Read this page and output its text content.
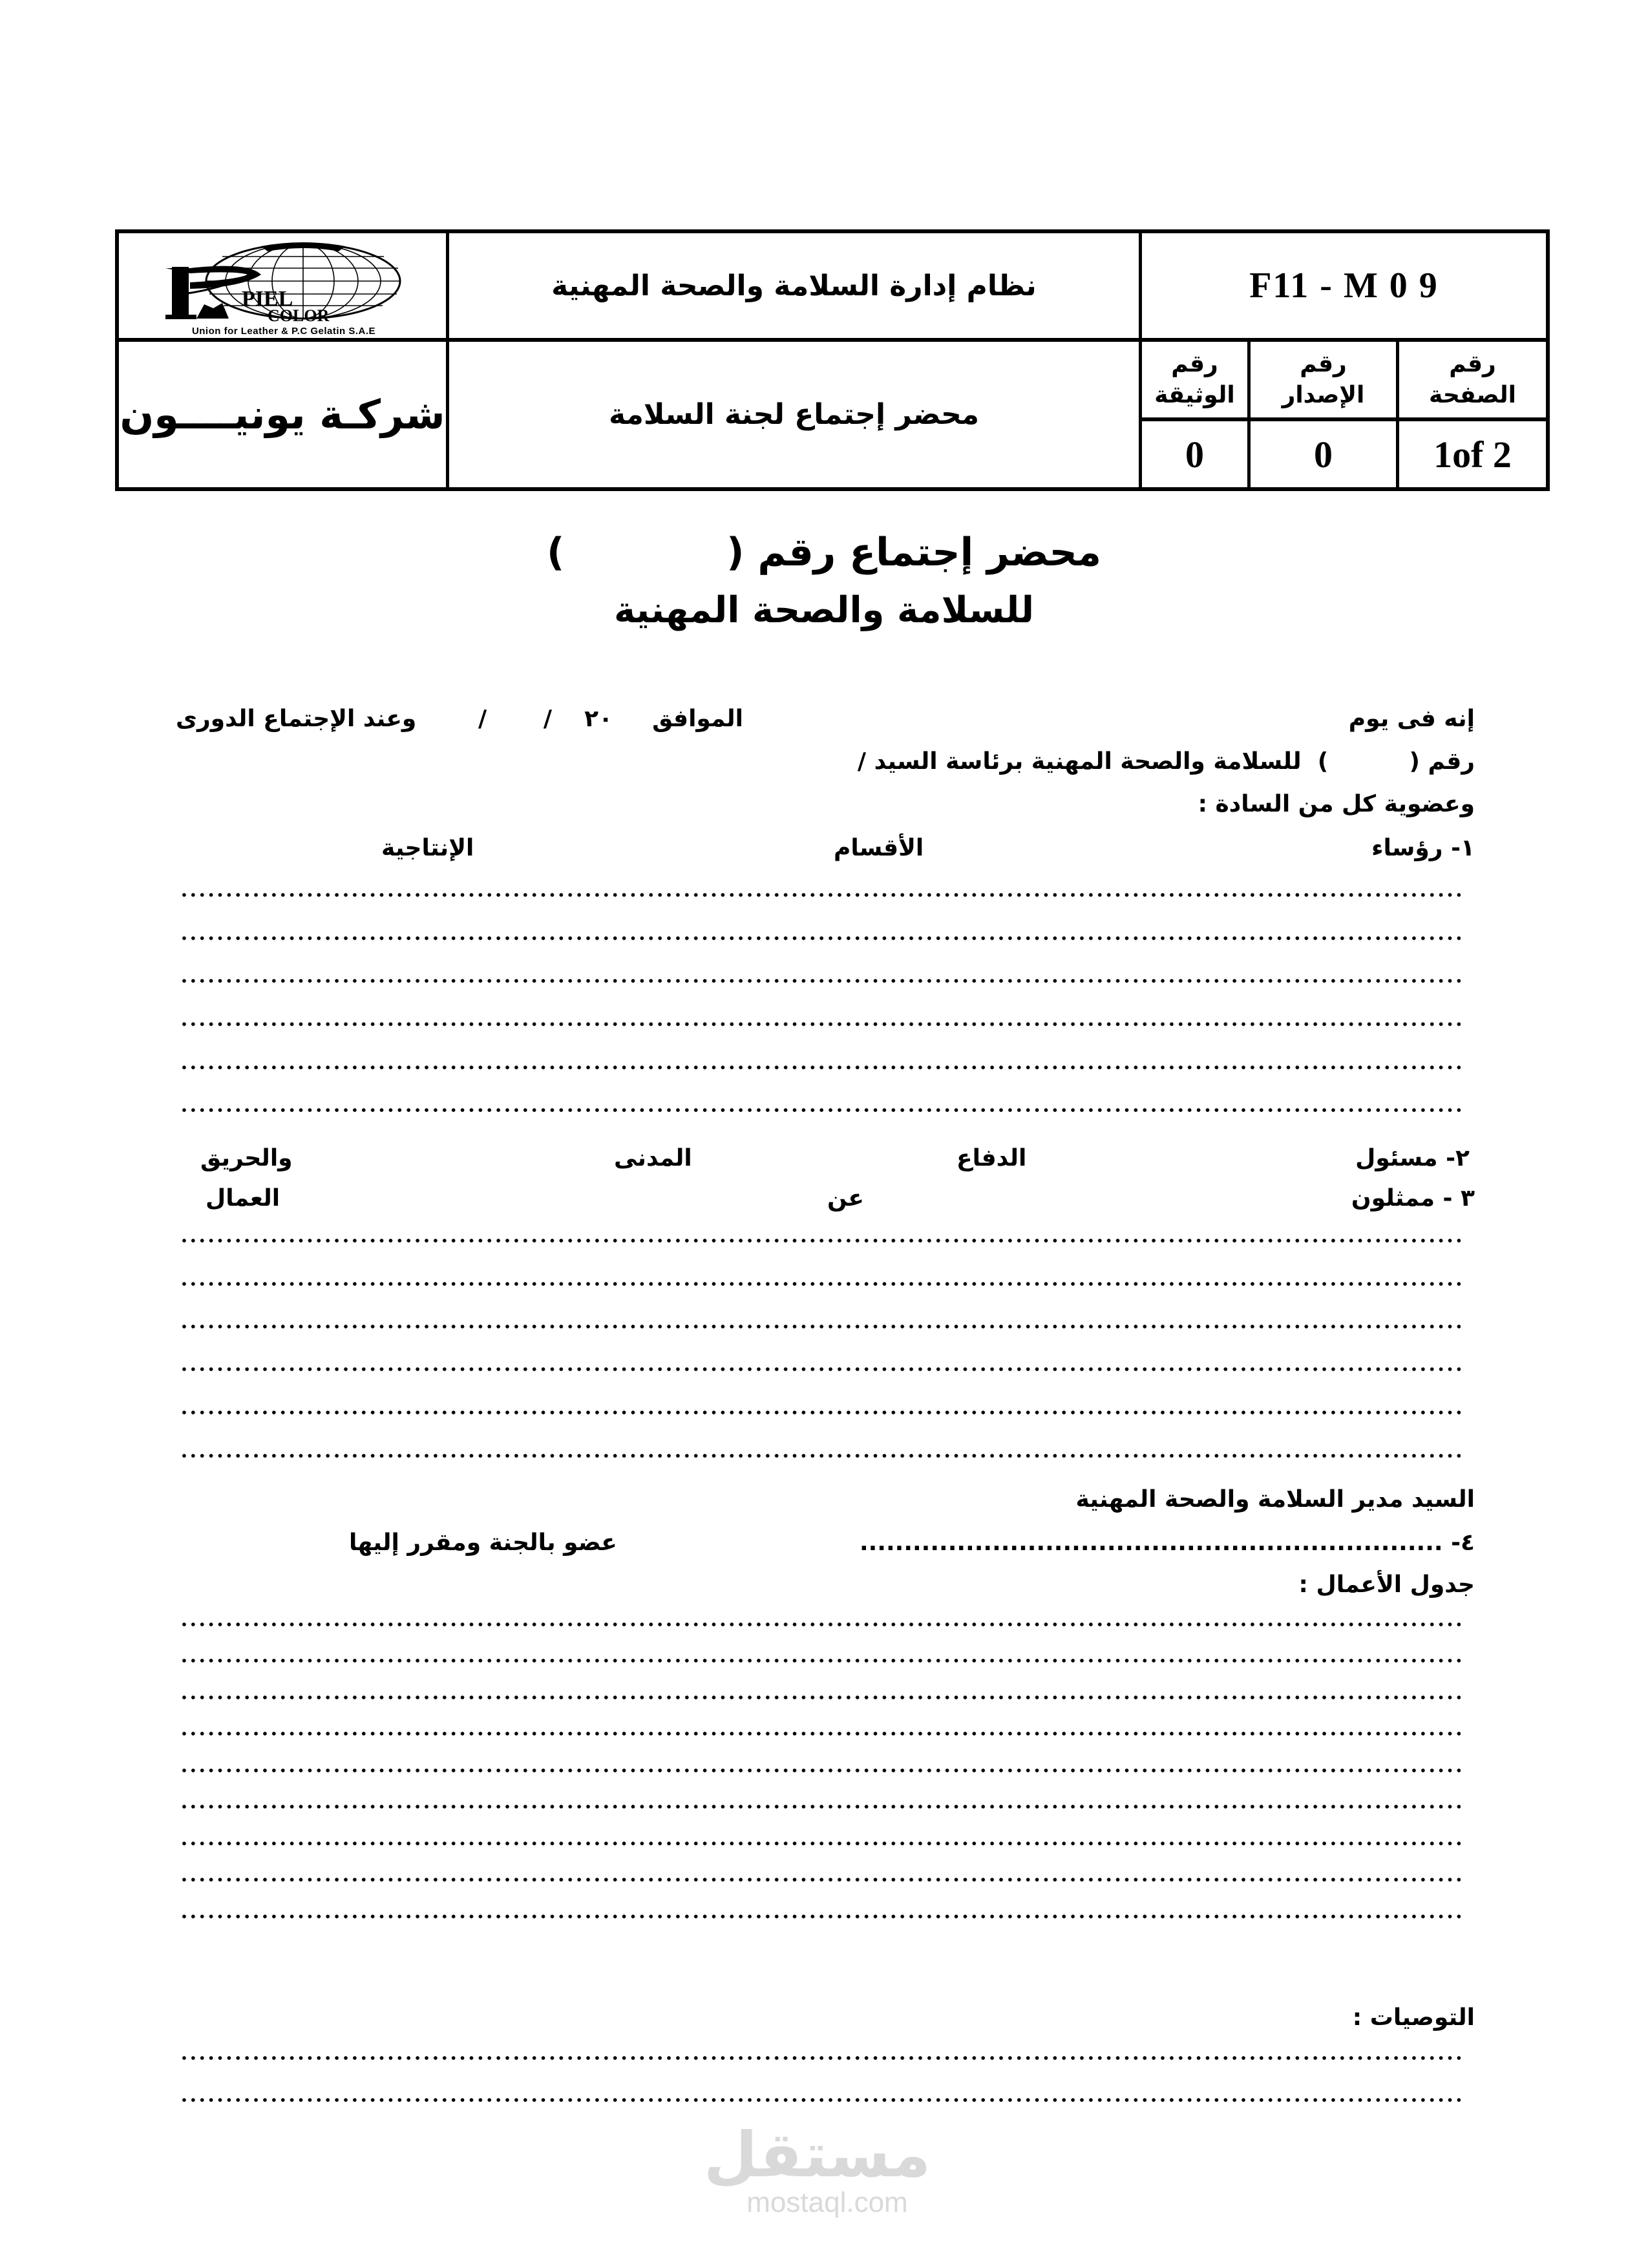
PIEL
COLOR
Union for Leather & P.C Gelatin S.A.E
شركـة يونيــــون
نظام إدارة السلامة والصحة المهنية
محضر إجتماع لجنة السلامة
F11 - M 0 9
رقم
الصفحة
1of 2
رقم
الإصدار
0
رقم
الوثيقة
0
محضر إجتماع رقم (            )
للسلامة والصحة المهنية
إنه فى يوم
الموافق
/       /    ٢٠
وعند الإجتماع الدورى
رقم (          )  للسلامة والصحة المهنية برئاسة السيد /
وعضوية كل من السادة :
١- رؤساء
الأقسام
الإنتاجية
٢- مسئول
الدفاع
المدنى
والحريق
٣ - ممثلون
عن
العمال
السيد مدير السلامة والصحة المهنية
٤- ..................................................................
عضو بالجنة ومقرر إليها
جدول الأعمال :
التوصيات :
مستقل
mostaql.com
